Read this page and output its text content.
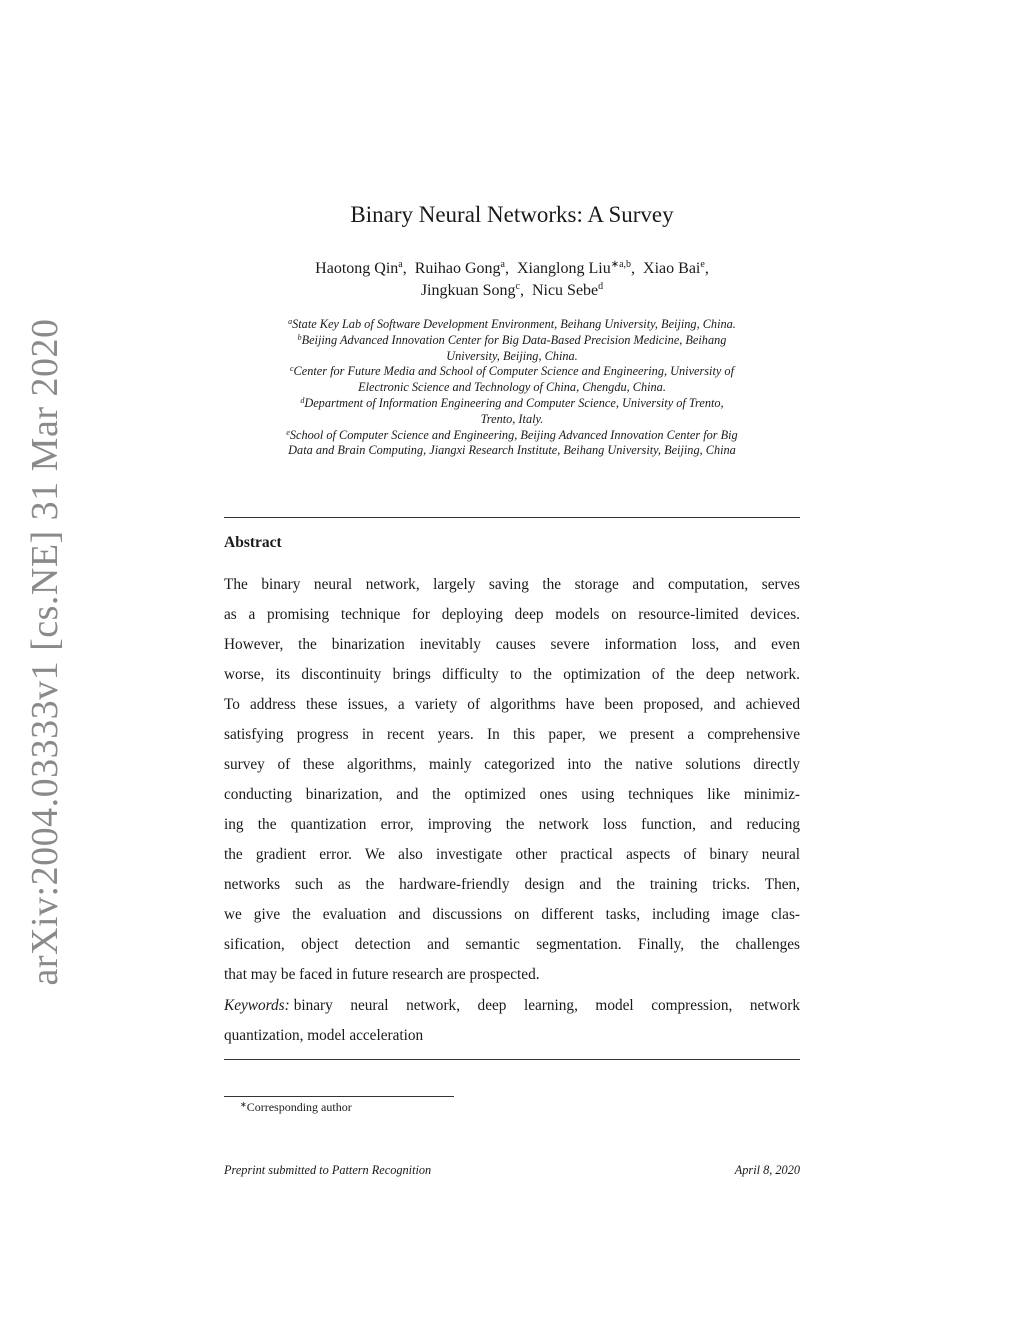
arXiv:2004.03333v1 [cs.NE] 31 Mar 2020
Binary Neural Networks: A Survey
Haotong Qin$^a$,  Ruihao Gong$^a$,  Xianglong Liu$^{∗a,b}$,  Xiao Bai$^e$,
Jingkuan Song$^c$,  Nicu Sebe$^d$
$^a$State Key Lab of Software Development Environment, Beihang University, Beijing, China.
$^b$Beijing Advanced Innovation Center for Big Data-Based Precision Medicine, Beihang
University, Beijing, China.
$^c$Center for Future Media and School of Computer Science and Engineering, University of
Electronic Science and Technology of China, Chengdu, China.
$^d$Department of Information Engineering and Computer Science, University of Trento,
Trento, Italy.
$^e$School of Computer Science and Engineering, Beijing Advanced Innovation Center for Big
Data and Brain Computing, Jiangxi Research Institute, Beihang University, Beijing, China
Abstract
The binary neural network, largely saving the storage and computation, serves
as a promising technique for deploying deep models on resource-limited devices.
However, the binarization inevitably causes severe information loss, and even
worse, its discontinuity brings difficulty to the optimization of the deep network.
To address these issues, a variety of algorithms have been proposed, and achieved
satisfying progress in recent years. In this paper, we present a comprehensive
survey of these algorithms, mainly categorized into the native solutions directly
conducting binarization, and the optimized ones using techniques like minimiz-
ing the quantization error, improving the network loss function, and reducing
the gradient error. We also investigate other practical aspects of binary neural
networks such as the hardware-friendly design and the training tricks. Then,
we give the evaluation and discussions on different tasks, including image clas-
sification, object detection and semantic segmentation. Finally, the challenges
that may be faced in future research are prospected.
Keywords: binary neural network, deep learning, model compression, network
quantization, model acceleration
∗Corresponding author
Preprint submitted to Pattern Recognition	April 8, 2020
